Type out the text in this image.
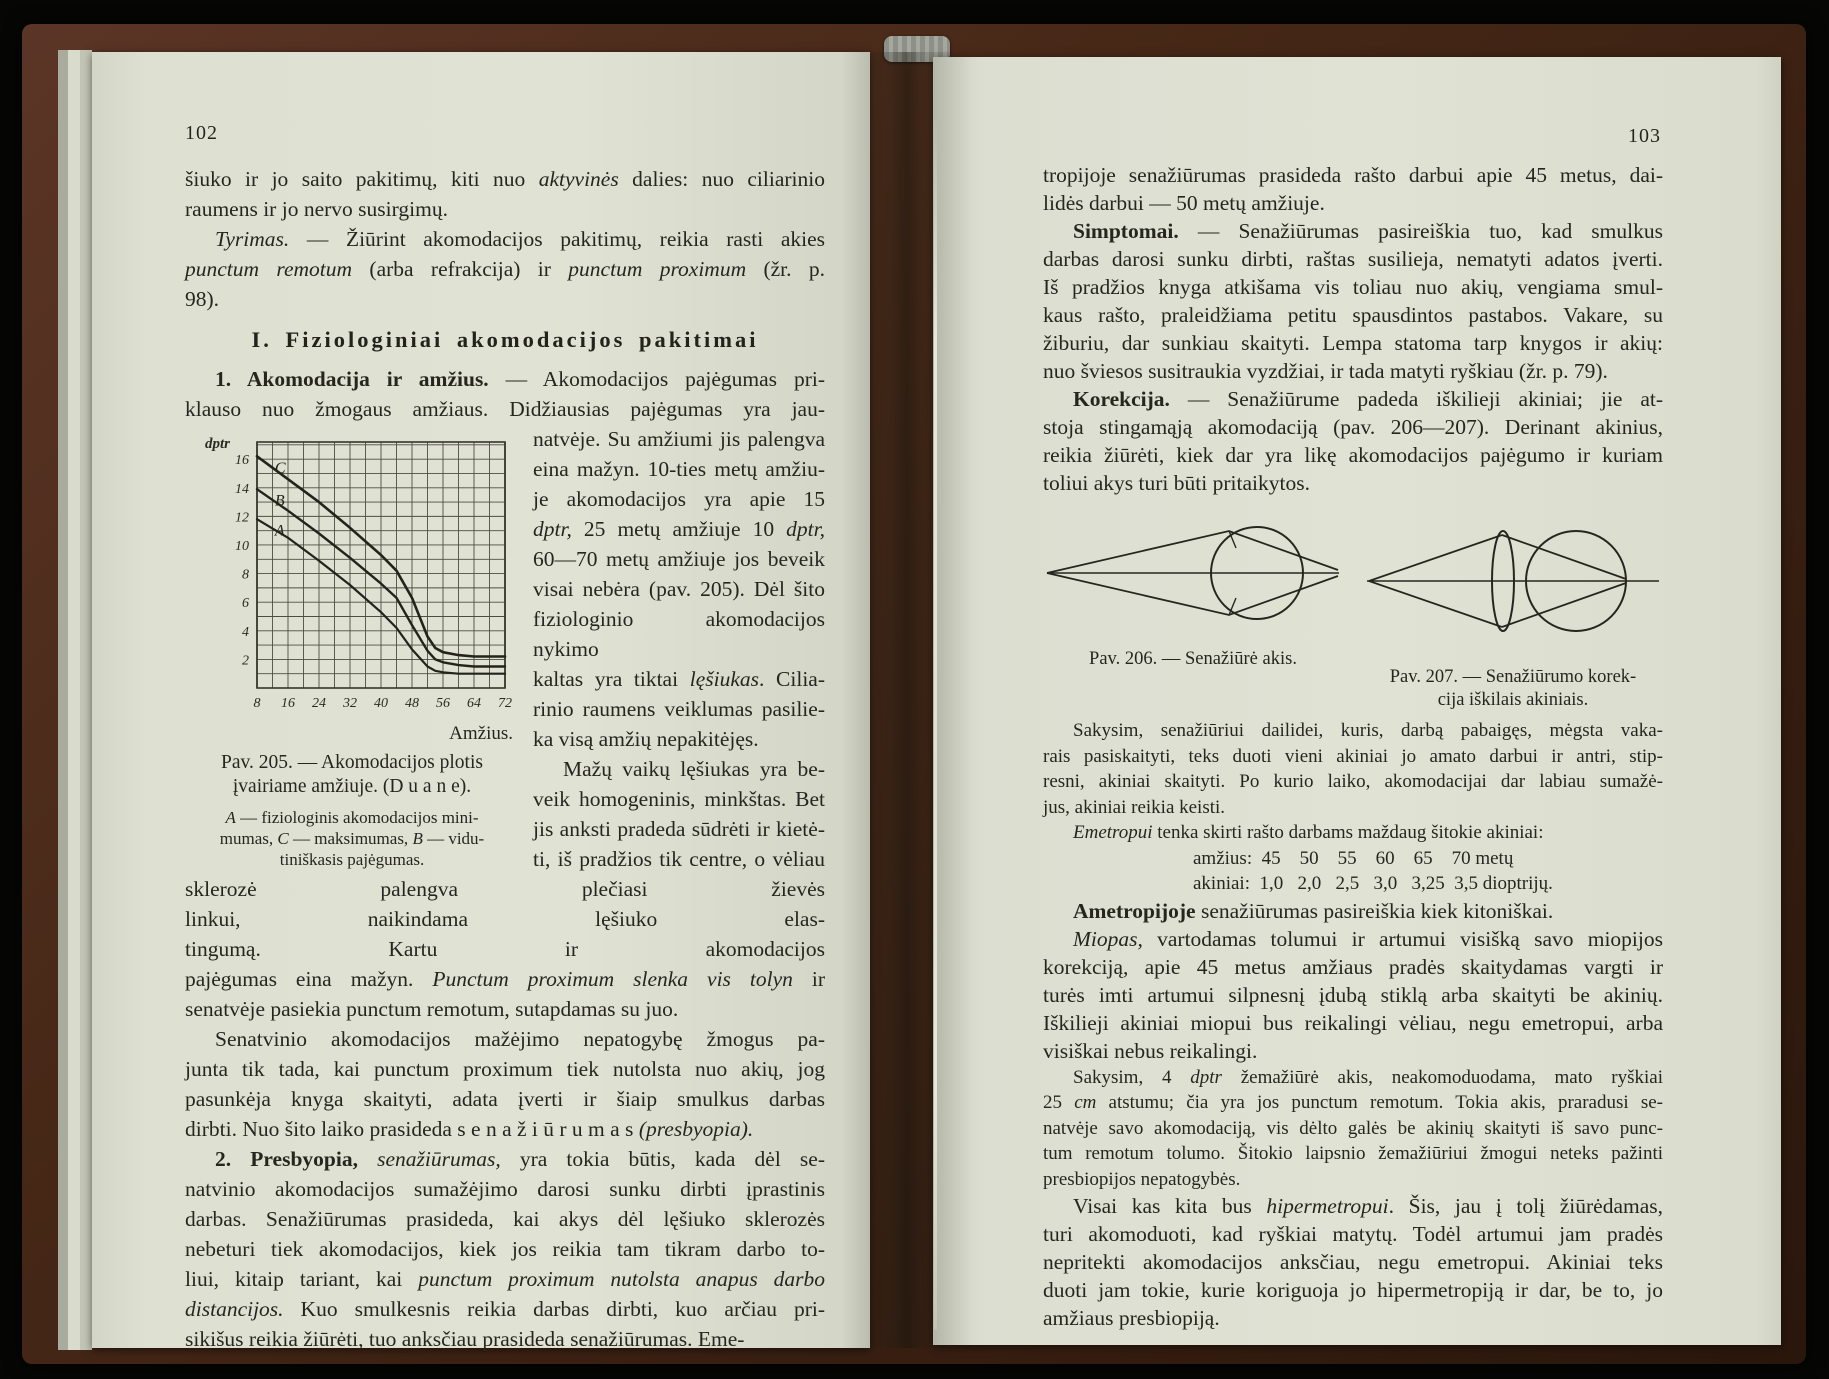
102
šiuko ir jo saito pakitimų, kiti nuo aktyvinės dalies: nuo ciliarinio
raumens ir jo nervo susirgimų.
Tyrimas. — Žiūrint akomodacijos pakitimų, reikia rasti akies
punctum remotum (arba refrakcija) ir punctum proximum (žr. p.
98).
I. Fiziologiniai akomodacijos pakitimai
1. Akomodacija ir amžius. — Akomodacijos pajėgumas pri-
klauso nuo žmogaus amžiaus. Didžiausias pajėgumas yra jau-
16
14
12
10
8
6
4
2
8 16 24 32 40 48 56 64 72
dptr
C
B
A
Amžius.
Pav. 205. — Akomodacijos plotis
įvairiame amžiuje. (D u a n e).
A — fiziologinis akomodacijos mini-
mumas, C — maksimumas, B — vidu-
tiniškasis pajėgumas.
natvėje. Su amžiumi jis palengva
eina mažyn. 10-ties metų amžiu-
je akomodacijos yra apie 15
dptr, 25 metų amžiuje 10 dptr,
60—70 metų amžiuje jos beveik
visai nebėra (pav. 205). Dėl šito
fiziologinio akomodacijos nykimo
kaltas yra tiktai lęšiukas. Cilia-
rinio raumens veiklumas pasilie-
ka visą amžių nepakitėjęs.
Mažų vaikų lęšiukas yra be-
veik homogeninis, minkštas. Bet
jis anksti pradeda sūdrėti ir kietė-
ti, iš pradžios tik centre, o vėliau
sklerozė palengva plečiasi žievės
linkui, naikindama lęšiuko elas-
tingumą. Kartu ir akomodacijos
pajėgumas eina mažyn. Punctum proximum slenka vis tolyn ir
senatvėje pasiekia punctum remotum, sutapdamas su juo.
Senatvinio akomodacijos mažėjimo nepatogybę žmogus pa-
junta tik tada, kai punctum proximum tiek nutolsta nuo akių, jog
pasunkėja knyga skaityti, adata įverti ir šiaip smulkus darbas
dirbti. Nuo šito laiko prasideda s e n a ž i ū r u m a s (presbyopia).
2. Presbyopia, senažiūrumas, yra tokia būtis, kada dėl se-
natvinio akomodacijos sumažėjimo darosi sunku dirbti įprastinis
darbas. Senažiūrumas prasideda, kai akys dėl lęšiuko sklerozės
nebeturi tiek akomodacijos, kiek jos reikia tam tikram darbo to-
liui, kitaip tariant, kai punctum proximum nutolsta anapus darbo
distancijos. Kuo smulkesnis reikia darbas dirbti, kuo arčiau pri-
sikišus reikia žiūrėti, tuo anksčiau prasideda senažiūrumas. Eme-
103
tropijoje senažiūrumas prasideda rašto darbui apie 45 metus, dai-
lidės darbui — 50 metų amžiuje.
Simptomai. — Senažiūrumas pasireiškia tuo, kad smulkus
darbas darosi sunku dirbti, raštas susilieja, nematyti adatos įverti.
Iš pradžios knyga atkišama vis toliau nuo akių, vengiama smul-
kaus rašto, praleidžiama petitu spausdintos pastabos. Vakare, su
žiburiu, dar sunkiau skaityti. Lempa statoma tarp knygos ir akių:
nuo šviesos susitraukia vyzdžiai, ir tada matyti ryškiau (žr. p. 79).
Korekcija. — Senažiūrume padeda iškilieji akiniai; jie at-
stoja stingamąją akomodaciją (pav. 206—207). Derinant akinius,
reikia žiūrėti, kiek dar yra likę akomodacijos pajėgumo ir kuriam
toliui akys turi būti pritaikytos.
Pav. 206. — Senažiūrė akis.
Pav. 207. — Senažiūrumo korek-
cija iškilais akiniais.
Sakysim, senažiūriui dailidei, kuris, darbą pabaigęs, mėgsta vaka-
rais pasiskaityti, teks duoti vieni akiniai jo amato darbui ir antri, stip-
resni, akiniai skaityti. Po kurio laiko, akomodacijai dar labiau sumažė-
jus, akiniai reikia keisti.
Emetropui tenka skirti rašto darbams maždaug šitokie akiniai:
amžius:  45    50    55    60    65    70 metų
akiniai:  1,0   2,0   2,5   3,0   3,25  3,5 dioptrijų.
Ametropijoje senažiūrumas pasireiškia kiek kitoniškai.
Miopas, vartodamas tolumui ir artumui visišką savo miopijos
korekciją, apie 45 metus amžiaus pradės skaitydamas vargti ir
turės imti artumui silpnesnį įdubą stiklą arba skaityti be akinių.
Iškilieji akiniai miopui bus reikalingi vėliau, negu emetropui, arba
visiškai nebus reikalingi.
Sakysim, 4 dptr žemažiūrė akis, neakomoduodama, mato ryškiai
25 cm atstumu; čia yra jos punctum remotum. Tokia akis, praradusi se-
natvėje savo akomodaciją, vis dėlto galės be akinių skaityti iš savo punc-
tum remotum tolumo. Šitokio laipsnio žemažiūriui žmogui neteks pažinti
presbiopijos nepatogybės.
Visai kas kita bus hipermetropui. Šis, jau į tolį žiūrėdamas,
turi akomoduoti, kad ryškiai matytų. Todėl artumui jam pradės
nepritekti akomodacijos anksčiau, negu emetropui. Akiniai teks
duoti jam tokie, kurie koriguoja jo hipermetropiją ir dar, be to, jo
amžiaus presbiopiją.
